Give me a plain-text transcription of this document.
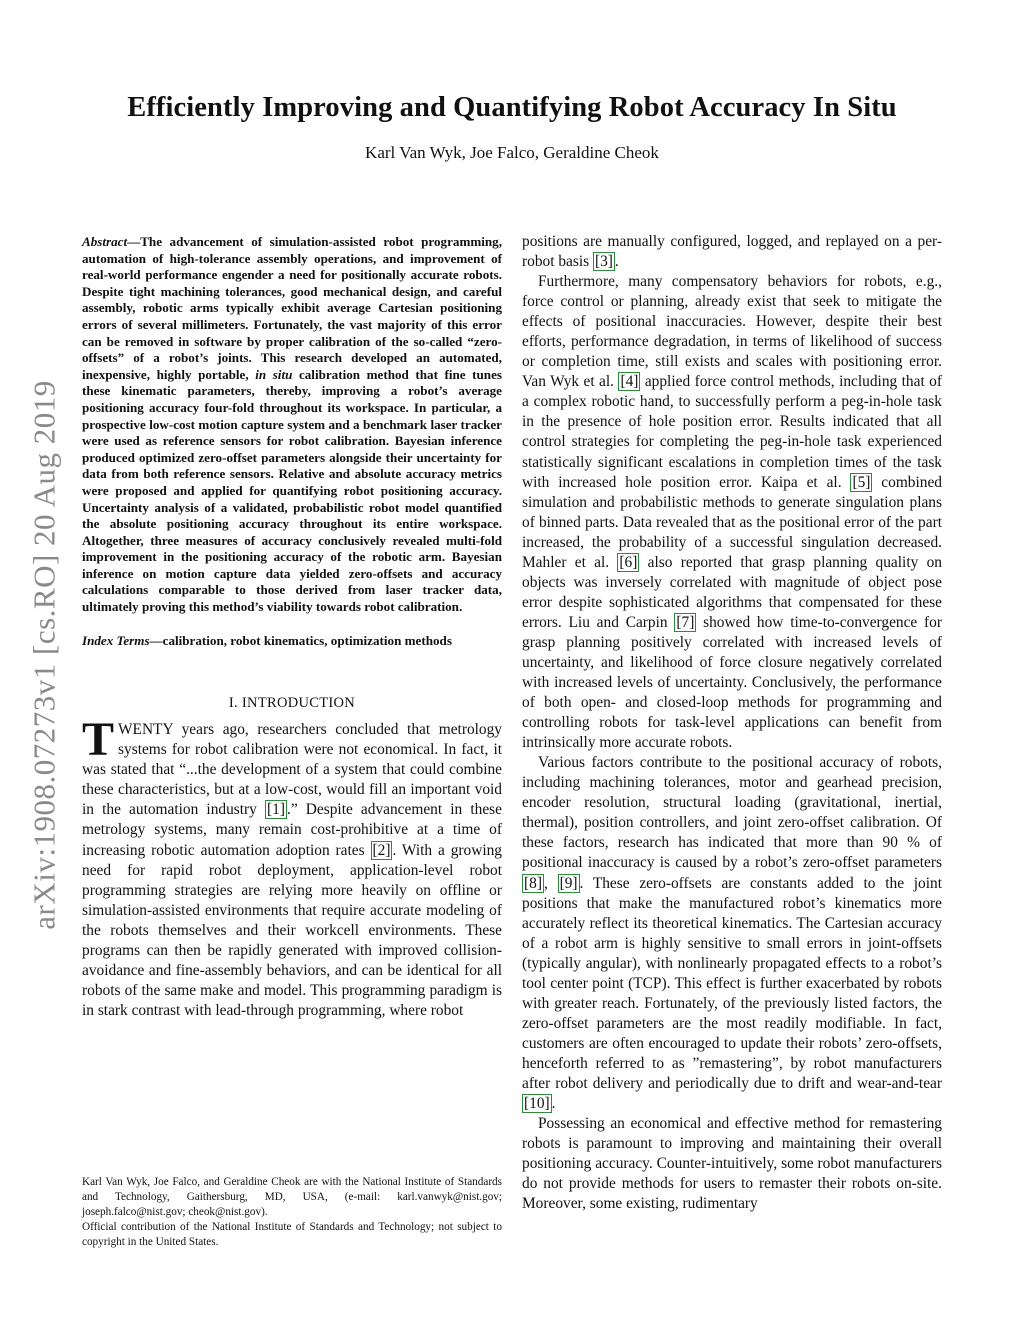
arXiv:1908.07273v1 [cs.RO] 20 Aug 2019
Efficiently Improving and Quantifying Robot Accuracy In Situ
Karl Van Wyk, Joe Falco, Geraldine Cheok
Abstract—The advancement of simulation-assisted robot programming, automation of high-tolerance assembly operations, and improvement of real-world performance engender a need for positionally accurate robots. Despite tight machining tolerances, good mechanical design, and careful assembly, robotic arms typically exhibit average Cartesian positioning errors of several millimeters. Fortunately, the vast majority of this error can be removed in software by proper calibration of the so-called “zero-offsets” of a robot’s joints. This research developed an automated, inexpensive, highly portable, in situ calibration method that fine tunes these kinematic parameters, thereby, improving a robot’s average positioning accuracy four-fold throughout its workspace. In particular, a prospective low-cost motion capture system and a benchmark laser tracker were used as reference sensors for robot calibration. Bayesian inference produced optimized zero-offset parameters alongside their uncertainty for data from both reference sensors. Relative and absolute accuracy metrics were proposed and applied for quantifying robot positioning accuracy. Uncertainty analysis of a validated, probabilistic robot model quantified the absolute positioning accuracy throughout its entire workspace. Altogether, three measures of accuracy conclusively revealed multi-fold improvement in the positioning accuracy of the robotic arm. Bayesian inference on motion capture data yielded zero-offsets and accuracy calculations comparable to those derived from laser tracker data, ultimately proving this method’s viability towards robot calibration.
Index Terms—calibration, robot kinematics, optimization methods
I. INTRODUCTION

TWENTY years ago, researchers concluded that metrology systems for robot calibration were not economical. In fact, it was stated that “...the development of a system that could combine these characteristics, but at a low-cost, would fill an important void in the automation industry [1] .” Despite advancement in these metrology systems, many remain cost-prohibitive at a time of increasing robotic automation adoption rates [2] . With a growing need for rapid robot deployment, application-level robot programming strategies are relying more heavily on offline or simulation-assisted environments that require accurate modeling of the robots themselves and their workcell environments. These programs can then be rapidly generated with improved collision-avoidance and fine-assembly behaviors, and can be identical for all robots of the same make and model. This programming paradigm is in stark contrast with lead-through programming, where robot

positions are manually configured, logged, and replayed on a per-robot basis [3] .

Furthermore, many compensatory behaviors for robots, e.g., force control or planning, already exist that seek to mitigate the effects of positional inaccuracies. However, despite their best efforts, performance degradation, in terms of likelihood of success or completion time, still exists and scales with positioning error. Van Wyk et al. [4] applied force control methods, including that of a complex robotic hand, to successfully perform a peg-in-hole task in the presence of hole position error. Results indicated that all control strategies for completing the peg-in-hole task experienced statistically significant escalations in completion times of the task with increased hole position error. Kaipa et al. [5] combined simulation and probabilistic methods to generate singulation plans of binned parts. Data revealed that as the positional error of the part increased, the probability of a successful singulation decreased. Mahler et al. [6] also reported that grasp planning quality on objects was inversely correlated with magnitude of object pose error despite sophisticated algorithms that compensated for these errors. Liu and Carpin [7] showed how time-to-convergence for grasp planning positively correlated with increased levels of uncertainty, and likelihood of force closure negatively correlated with increased levels of uncertainty. Conclusively, the performance of both open- and closed-loop methods for programming and controlling robots for task-level applications can benefit from intrinsically more accurate robots.

Various factors contribute to the positional accuracy of robots, including machining tolerances, motor and gearhead precision, encoder resolution, structural loading (gravitational, inertial, thermal), position controllers, and joint zero-offset calibration. Of these factors, research has indicated that more than 90 % of positional inaccuracy is caused by a robot’s zero-offset parameters [8] , [9] . These zero-offsets are constants added to the joint positions that make the manufactured robot’s kinematics more accurately reflect its theoretical kinematics. The Cartesian accuracy of a robot arm is highly sensitive to small errors in joint-offsets (typically angular), with nonlinearly propagated effects to a robot’s tool center point (TCP). This effect is further exacerbated by robots with greater reach. Fortunately, of the previously listed factors, the zero-offset parameters are the most readily modifiable. In fact, customers are often encouraged to update their robots’ zero-offsets, henceforth referred to as ”remastering”, by robot manufacturers after robot delivery and periodically due to drift and wear-and-tear [10] .

Possessing an economical and effective method for remastering robots is paramount to improving and maintaining their overall positioning accuracy. Counter-intuitively, some robot manufacturers do not provide methods for users to remaster their robots on-site. Moreover, some existing, rudimentary

Karl Van Wyk, Joe Falco, and Geraldine Cheok are with the National Institute of Standards and Technology, Gaithersburg, MD, USA, (e-mail: karl.vanwyk@nist.gov; joseph.falco@nist.gov; cheok@nist.gov).

Official contribution of the National Institute of Standards and Technology; not subject to copyright in the United States.
